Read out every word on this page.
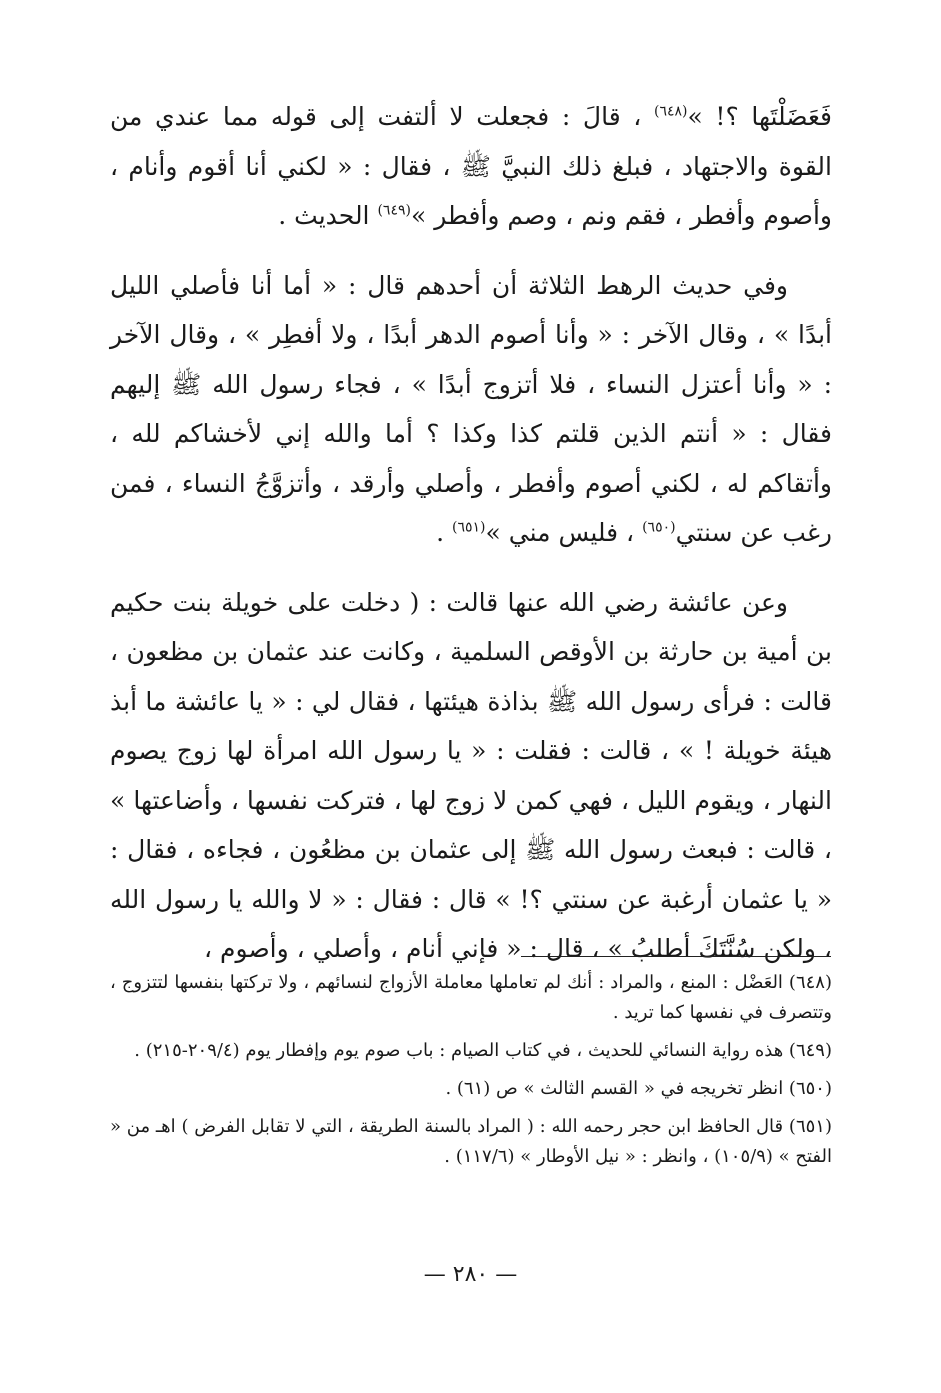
فَعَضَلْتَها ؟! »$^{(٦٤٨)}$ ، قالَ : فجعلت لا ألتفت إلى قوله مما عندي من القوة والاجتهاد ، فبلغ ذلك النبيَّ ﷺ ، فقال : « لكني أنا أقوم وأنام ، وأصوم وأفطر ، فقم ونم ، وصم وأفطر »$^{(٦٤٩)}$ الحديث .

وفي حديث الرهط الثلاثة أن أحدهم قال : « أما أنا فأصلي الليل أبدًا » ، وقال الآخر : « وأنا أصوم الدهر أبدًا ، ولا أفطِر » ، وقال الآخر : « وأنا أعتزل النساء ، فلا أتزوج أبدًا » ، فجاء رسول الله ﷺ إليهم فقال : « أنتم الذين قلتم كذا وكذا ؟ أما والله إني لأخشاكم لله ، وأتقاكم له ، لكني أصوم وأفطر ، وأصلي وأرقد ، وأتزوَّجُ النساء ، فمن رغب عن سنتي$^{(٦٥٠)}$ ، فليس مني »$^{(٦٥١)}$ .

وعن عائشة رضي الله عنها قالت : ( دخلت على خويلة بنت حكيم بن أمية بن حارثة بن الأوقص السلمية ، وكانت عند عثمان بن مظعون ، قالت : فرأى رسول الله ﷺ بذاذة هيئتها ، فقال لي : « يا عائشة ما أبذ هيئة خويلة ! » ، قالت : فقلت : « يا رسول الله امرأة لها زوج يصوم النهار ، ويقوم الليل ، فهي كمن لا زوج لها ، فتركت نفسها ، وأضاعتها » ، قالت : فبعث رسول الله ﷺ إلى عثمان بن مظعُون ، فجاءه ، فقال : « يا عثمان أرغبة عن سنتي ؟! » قال : فقال : « لا والله يا رسول الله ، ولكن سُنَّتَكَ أطلبُ » ، قال : « فإني أنام ، وأصلي ، وأصوم ،

(٦٤٨) العَضْل : المنع ، والمراد : أنك لم تعاملها معاملة الأزواج لنسائهم ، ولا تركتها بنفسها لتتزوج ، وتتصرف في نفسها كما تريد .

(٦٤٩) هذه رواية النسائي للحديث ، في كتاب الصيام : باب صوم يوم وإفطار يوم (٢٠٩/٤-٢١٥) .

(٦٥٠) انظر تخريجه في « القسم الثالث » ص (٦١) .

(٦٥١) قال الحافظ ابن حجر رحمه الله : ( المراد بالسنة الطريقة ، التي لا تقابل الفرض ) اهـ من « الفتح » (١٠٥/٩) ، وانظر : « نيل الأوطار » (١١٧/٦) .

— ٢٨٠ —
